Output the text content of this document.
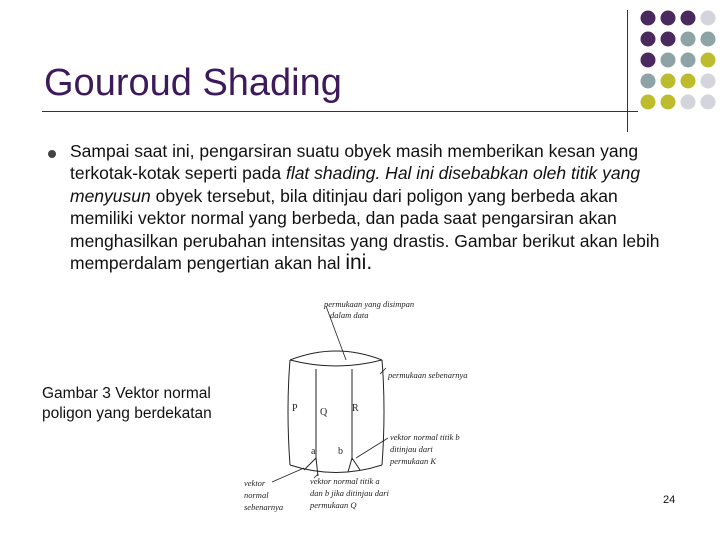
Gouroud Shading
Sampai saat ini, pengarsiran suatu obyek masih memberikan kesan yang terkotak-kotak seperti pada flat shading. Hal ini disebabkan oleh titik yang menyusun obyek tersebut, bila ditinjau dari poligon yang berbeda akan memiliki vektor normal yang berbeda, dan pada saat pengarsiran akan menghasilkan perubahan intensitas yang drastis. Gambar berikut akan lebih memperdalam pengertian akan hal ini.
Gambar 3 Vektor normal
poligon yang berdekatan	P Q R
a b
permukaan yang disimpan
dalam data
permukaan sebenarnya
vektor normal titik b
ditinjau dari
permukaan K
vektor
normal
sebenarnya
vektor normal titik a
dan b jika ditinjau dari
permukaan Q	24
